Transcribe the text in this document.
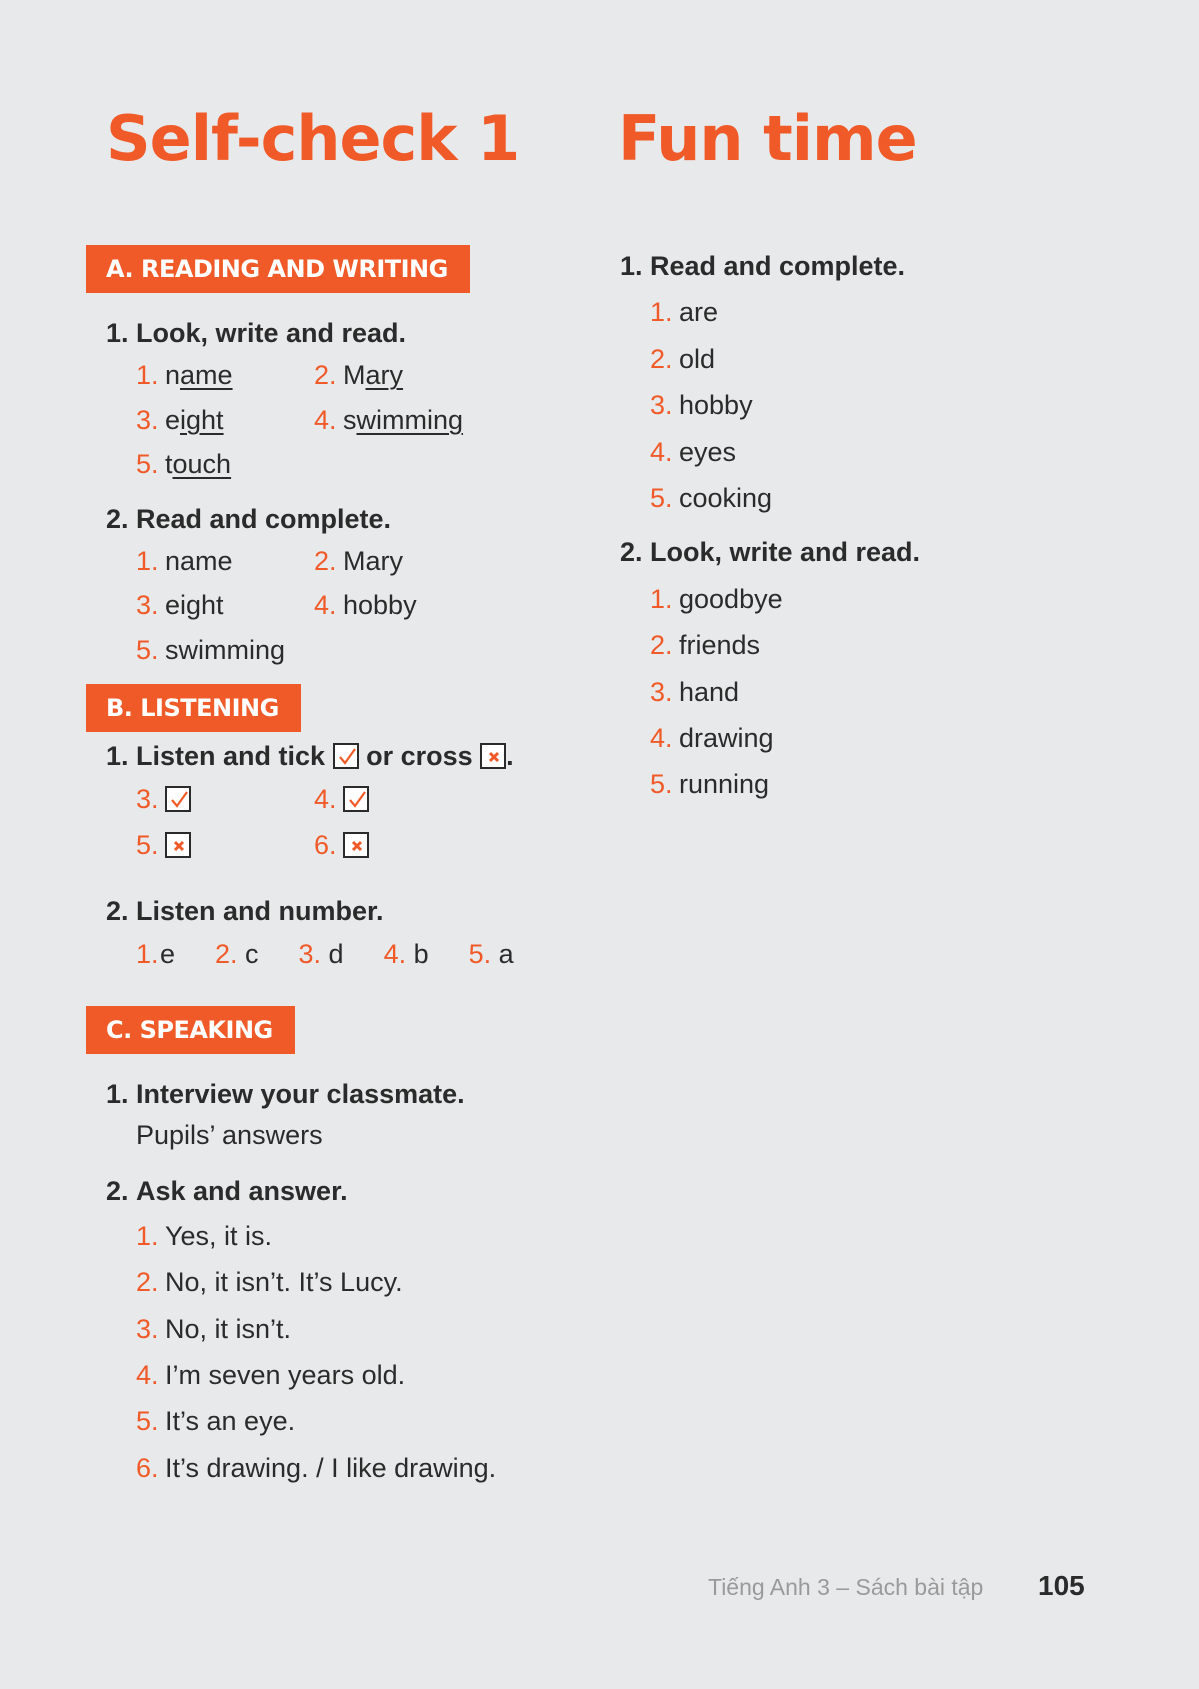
Self-check 1 Fun time
A. READING AND WRITING

1. Look, write and read.

1. name	2. Mary
3. eight	4. swimming
5. touch

2. Read and complete.

1. name	2. Mary
3. eight	4. hobby
5. swimming
B. LISTENING

1. Listen and tick or cross ☒.

3.	4.
5.	6.

2. Listen and number.

1.e 2. c 3. d 4. b 5. a
C. SPEAKING

1. Interview your classmate.

Pupils’ answers

2. Ask and answer.

1. Yes, it is.
2. No, it isn’t. It’s Lucy.
3. No, it isn’t.
4. I’m seven years old.
5. It’s an eye.
6. It’s drawing. / I like drawing.

1. Read and complete.

1. are
2. old
3. hobby
4. eyes
5. cooking

2. Look, write and read.

1. goodbye
2. friends
3. hand
4. drawing
5. running
Tiếng Anh 3 – Sách bài tập 105
